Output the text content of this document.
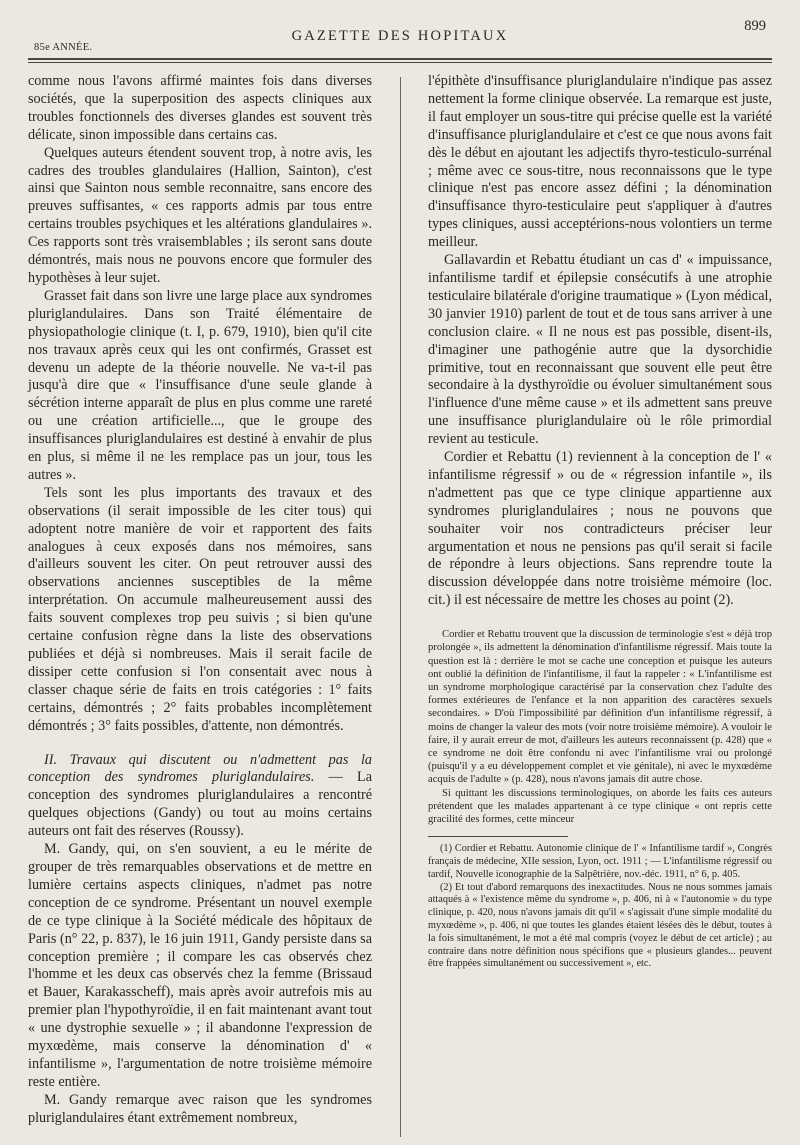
85e ANNÉE.
GAZETTE DES HOPITAUX
899

comme nous l'avons affirmé maintes fois dans diverses sociétés, que la superposition des aspects cliniques aux troubles fonctionnels des diverses glandes est souvent très délicate, sinon impossible dans certains cas.

Quelques auteurs étendent souvent trop, à notre avis, les cadres des troubles glandulaires (Hallion, Sainton), c'est ainsi que Sainton nous semble reconnaitre, sans encore des preuves suffisantes, « ces rapports admis par tous entre certains troubles psychiques et les altérations glandulaires ». Ces rapports sont très vraisemblables ; ils seront sans doute démontrés, mais nous ne pouvons encore que formuler des hypothèses à leur sujet.

Grasset fait dans son livre une large place aux syndromes pluriglandulaires. Dans son Traité élémentaire de physiopathologie clinique (t. I, p. 679, 1910), bien qu'il cite nos travaux après ceux qui les ont confirmés, Grasset est devenu un adepte de la théorie nouvelle. Ne va-t-il pas jusqu'à dire que « l'insuffisance d'une seule glande à sécrétion interne apparaît de plus en plus comme une rareté ou une création artificielle..., que le groupe des insuffisances pluriglandulaires est destiné à envahir de plus en plus, si même il ne les remplace pas un jour, tous les autres ».

Tels sont les plus importants des travaux et des observations (il serait impossible de les citer tous) qui adoptent notre manière de voir et rapportent des faits analogues à ceux exposés dans nos mémoires, sans d'ailleurs souvent les citer. On peut retrouver aussi des observations anciennes susceptibles de la même interprétation. On accumule malheureusement aussi des faits souvent complexes trop peu suivis ; si bien qu'une certaine confusion règne dans la liste des observations publiées et déjà si nombreuses. Mais il serait facile de dissiper cette confusion si l'on consentait avec nous à classer chaque série de faits en trois catégories : 1° faits certains, démontrés ; 2° faits probables incomplètement démontrés ; 3° faits possibles, d'attente, non démontrés.

II. Travaux qui discutent ou n'admettent pas la conception des syndromes pluriglandulaires. — La conception des syndromes pluriglandulaires a rencontré quelques objections (Gandy) ou tout au moins certains auteurs ont fait des réserves (Roussy).

M. Gandy, qui, on s'en souvient, a eu le mérite de grouper de très remarquables observations et de mettre en lumière certains aspects cliniques, n'admet pas notre conception de ce syndrome. Présentant un nouvel exemple de ce type clinique à la Société médicale des hôpitaux de Paris (n° 22, p. 837), le 16 juin 1911, Gandy persiste dans sa conception première ; il compare les cas observés chez l'homme et les deux cas observés chez la femme (Brissaud et Bauer, Karakasscheff), mais après avoir autrefois mis au premier plan l'hypothyroïdie, il en fait maintenant avant tout « une dystrophie sexuelle » ; il abandonne l'expression de myxœdème, mais conserve la dénomination d' « infantilisme », l'argumentation de notre troisième mémoire reste entière.

M. Gandy remarque avec raison que les syndromes pluriglandulaires étant extrêmement nombreux,

l'épithète d'insuffisance pluriglandulaire n'indique pas assez nettement la forme clinique observée. La remarque est juste, il faut employer un sous-titre qui précise quelle est la variété d'insuffisance pluriglandulaire et c'est ce que nous avons fait dès le début en ajoutant les adjectifs thyro-testiculo-surrénal ; même avec ce sous-titre, nous reconnaissons que le type clinique n'est pas encore assez défini ; la dénomination d'insuffisance thyro-testiculaire peut s'appliquer à d'autres types cliniques, aussi acceptérions-nous volontiers un terme meilleur.

Gallavardin et Rebattu étudiant un cas d' « impuissance, infantilisme tardif et épilepsie consécutifs à une atrophie testiculaire bilatérale d'origine traumatique » (Lyon médical, 30 janvier 1910) parlent de tout et de tous sans arriver à une conclusion claire. « Il ne nous est pas possible, disent-ils, d'imaginer une pathogénie autre que la dysorchidie primitive, tout en reconnaissant que souvent elle peut être secondaire à la dysthyroïdie ou évoluer simultanément sous l'influence d'une même cause » et ils admettent sans preuve une insuffisance pluriglandulaire où le rôle primordial revient au testicule.

Cordier et Rebattu (1) reviennent à la conception de l' « infantilisme régressif » ou de « régression infantile », ils n'admettent pas que ce type clinique appartienne aux syndromes pluriglandulaires ; nous ne pouvons que souhaiter voir nos contradicteurs préciser leur argumentation et nous ne pensions pas qu'il serait si facile de répondre à leurs objections. Sans reprendre toute la discussion développée dans notre troisième mémoire (loc. cit.) il est nécessaire de mettre les choses au point (2).

Cordier et Rebattu trouvent que la discussion de terminologie s'est « déjà trop prolongée », ils admettent la dénomination d'infantilisme régressif. Mais toute la question est là : derrière le mot se cache une conception et puisque les auteurs ont oublié la définition de l'infantilisme, il faut la rappeler : « L'infantilisme est un syndrome morphologique caractérisé par la conservation chez l'adulte des formes extérieures de l'enfance et la non apparition des caractères sexuels secondaires. » D'où l'impossibilité par définition d'un infantilisme régressif, à moins de changer la valeur des mots (voir notre troisième mémoire). A vouloir le faire, il y aurait erreur de mot, d'ailleurs les auteurs reconnaissent (p. 428) que « ce syndrome ne doit être confondu ni avec l'infantilisme vrai ou prolongé (puisqu'il y a eu développement complet et vie génitale), ni avec le myxœdème acquis de l'adulte » (p. 428), nous n'avons jamais dit autre chose.

Si quittant les discussions terminologiques, on aborde les faits ces auteurs prétendent que les malades appartenant à ce type clinique « ont repris cette gracilité des formes, cette minceur

(1) Cordier et Rebattu. Autonomie clinique de l' « Infantilisme tardif », Congrès français de médecine, XIIe session, Lyon, oct. 1911 ; — L'infantilisme régressif ou tardif, Nouvelle iconographie de la Salpêtrière, nov.-déc. 1911, n° 6, p. 405.

(2) Et tout d'abord remarquons des inexactitudes. Nous ne nous sommes jamais attaqués à « l'existence même du syndrome », p. 406, ni à « l'autonomie » du type clinique, p. 420, nous n'avons jamais dit qu'il « s'agissait d'une simple modalité du myxœdème », p. 406, ni que toutes les glandes étaient lésées dès le début, toutes à la fois simultanément, le mot a été mal compris (voyez le début de cet article) ; au contraire dans notre définition nous spécifions que « plusieurs glandes... peuvent être frappées simultanément ou successivement », etc.
